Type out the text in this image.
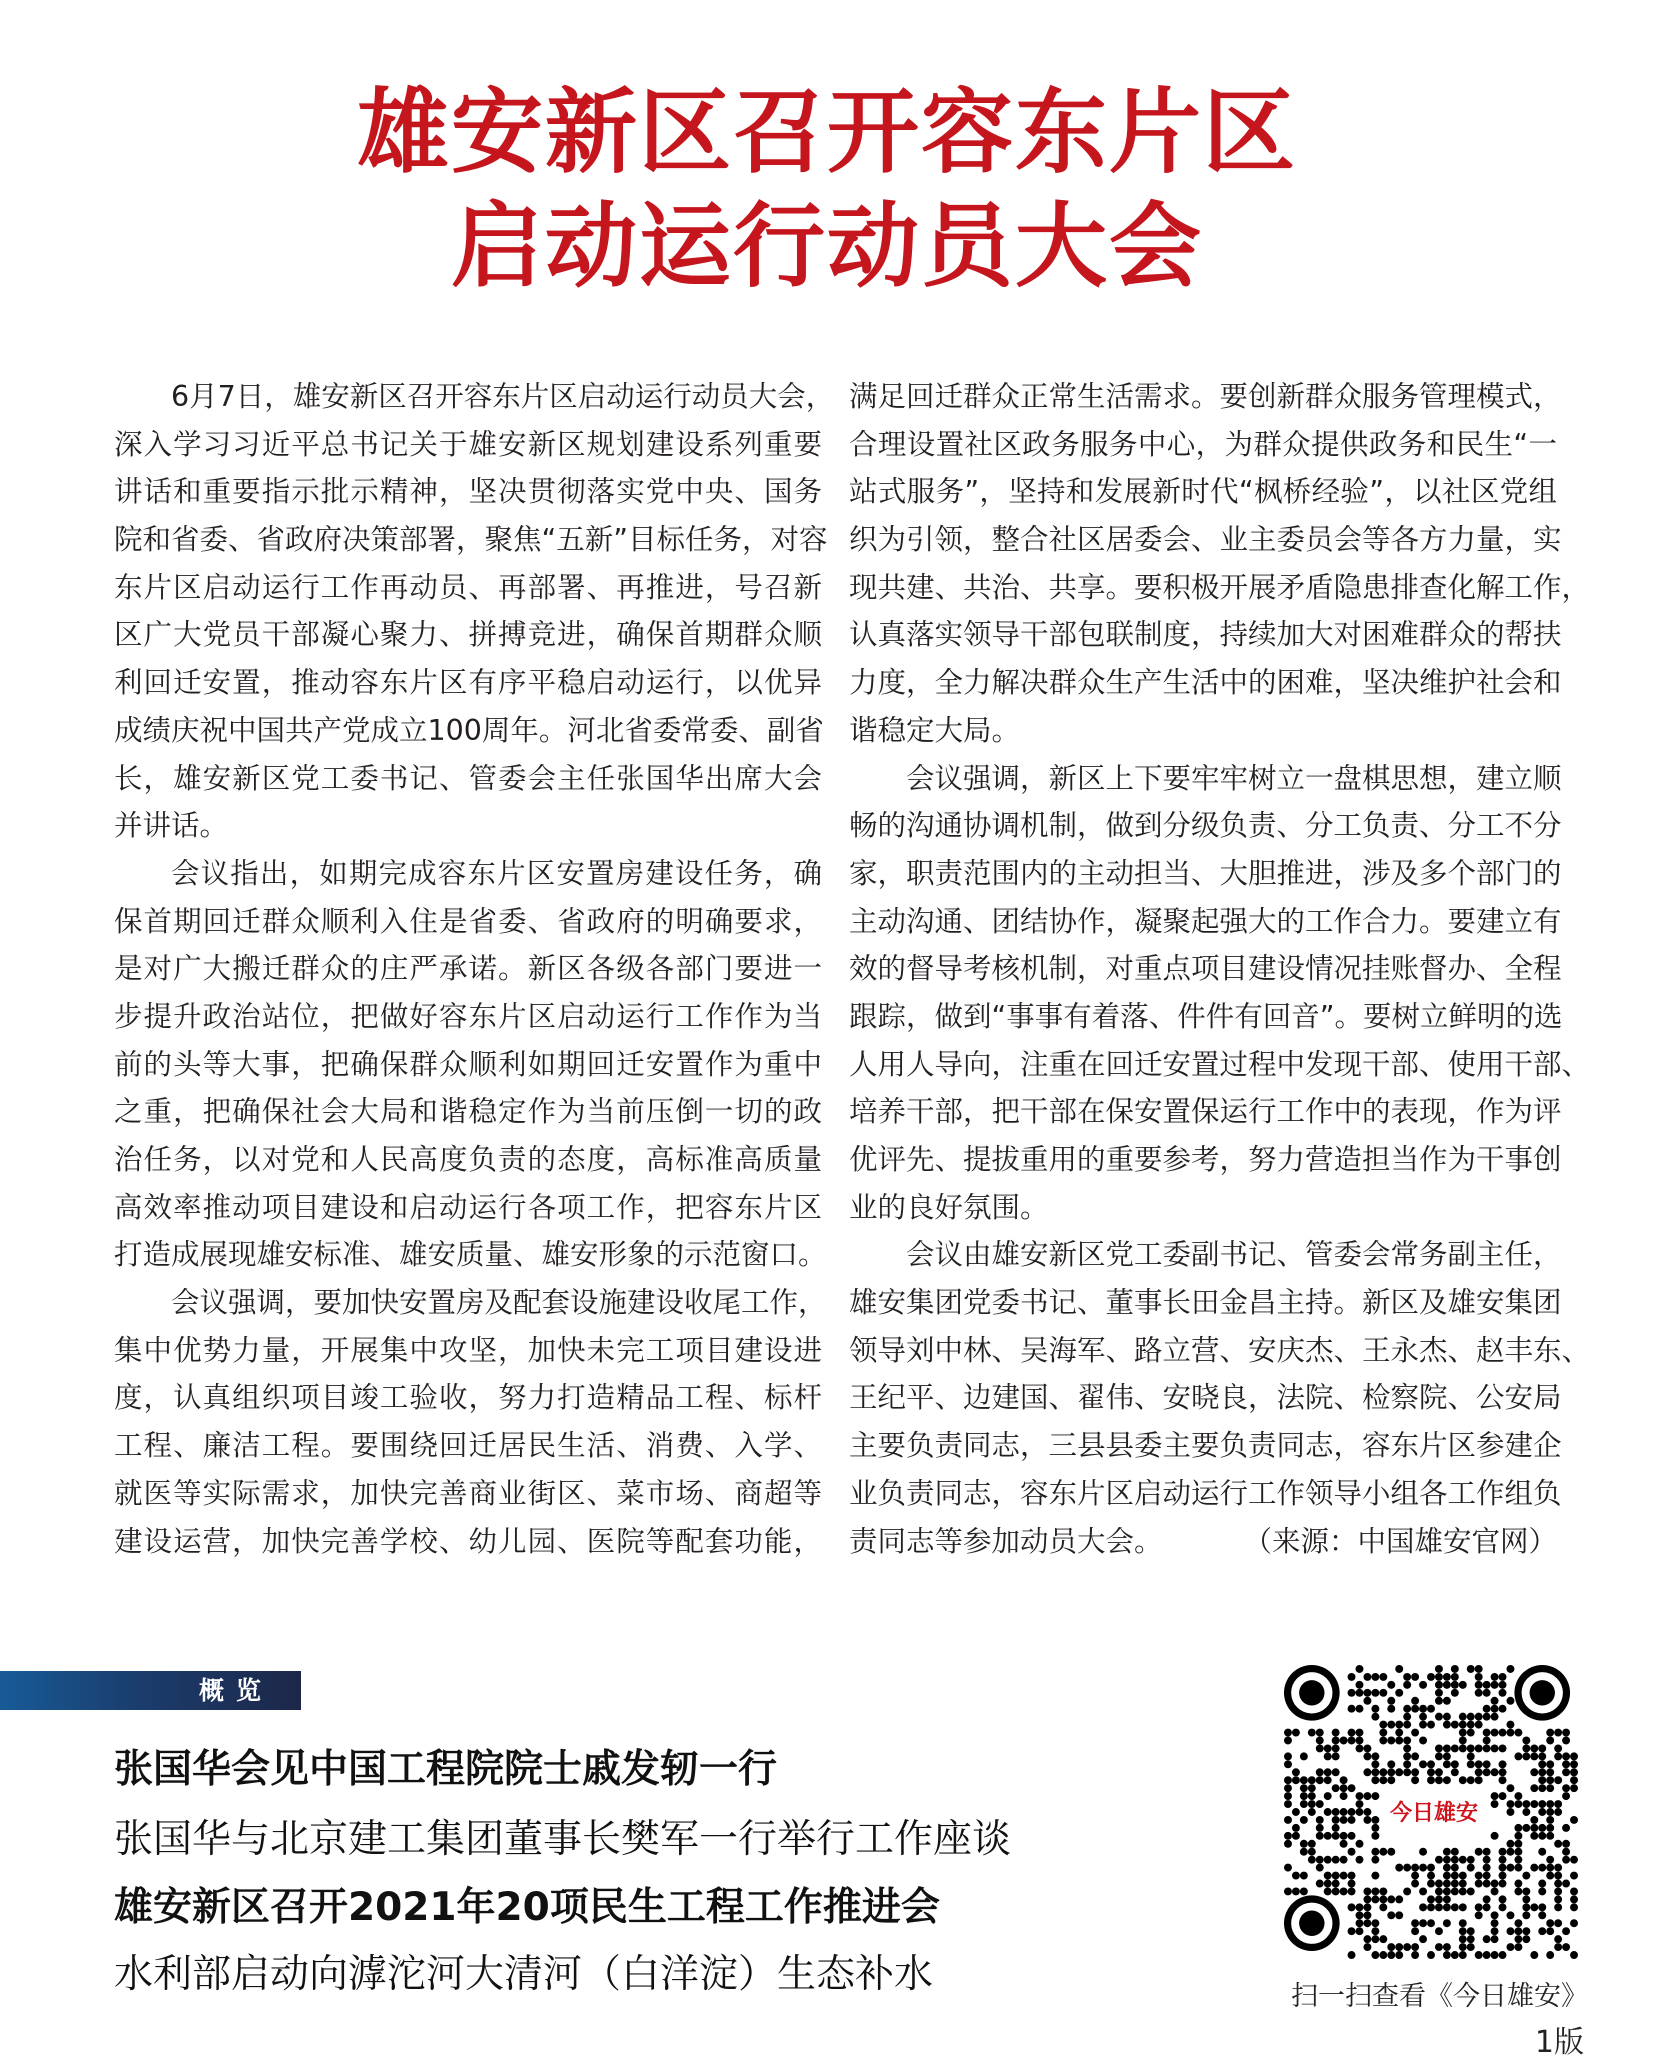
雄安新区召开容东片区
启动运行动员大会
6月7日，雄安新区召开容东片区启动运行动员大会，
深入学习习近平总书记关于雄安新区规划建设系列重要
讲话和重要指示批示精神，坚决贯彻落实党中央、国务
院和省委、省政府决策部署，聚焦“五新”目标任务，对容
东片区启动运行工作再动员、再部署、再推进，号召新
区广大党员干部凝心聚力、拼搏竞进，确保首期群众顺
利回迁安置，推动容东片区有序平稳启动运行，以优异
成绩庆祝中国共产党成立100周年。河北省委常委、副省
长，雄安新区党工委书记、管委会主任张国华出席大会
并讲话。
会议指出，如期完成容东片区安置房建设任务，确
保首期回迁群众顺利入住是省委、省政府的明确要求，
是对广大搬迁群众的庄严承诺。新区各级各部门要进一
步提升政治站位，把做好容东片区启动运行工作作为当
前的头等大事，把确保群众顺利如期回迁安置作为重中
之重，把确保社会大局和谐稳定作为当前压倒一切的政
治任务，以对党和人民高度负责的态度，高标准高质量
高效率推动项目建设和启动运行各项工作，把容东片区
打造成展现雄安标准、雄安质量、雄安形象的示范窗口。
会议强调，要加快安置房及配套设施建设收尾工作，
集中优势力量，开展集中攻坚，加快未完工项目建设进
度，认真组织项目竣工验收，努力打造精品工程、标杆
工程、廉洁工程。要围绕回迁居民生活、消费、入学、
就医等实际需求，加快完善商业街区、菜市场、商超等
建设运营，加快完善学校、幼儿园、医院等配套功能，
满足回迁群众正常生活需求。要创新群众服务管理模式，
合理设置社区政务服务中心，为群众提供政务和民生“一
站式服务”，坚持和发展新时代“枫桥经验”，以社区党组
织为引领，整合社区居委会、业主委员会等各方力量，实
现共建、共治、共享。要积极开展矛盾隐患排查化解工作，
认真落实领导干部包联制度，持续加大对困难群众的帮扶
力度，全力解决群众生产生活中的困难，坚决维护社会和
谐稳定大局。
会议强调，新区上下要牢牢树立一盘棋思想，建立顺
畅的沟通协调机制，做到分级负责、分工负责、分工不分
家，职责范围内的主动担当、大胆推进，涉及多个部门的
主动沟通、团结协作，凝聚起强大的工作合力。要建立有
效的督导考核机制，对重点项目建设情况挂账督办、全程
跟踪，做到“事事有着落、件件有回音”。要树立鲜明的选
人用人导向，注重在回迁安置过程中发现干部、使用干部、
培养干部，把干部在保安置保运行工作中的表现，作为评
优评先、提拔重用的重要参考，努力营造担当作为干事创
业的良好氛围。
会议由雄安新区党工委副书记、管委会常务副主任，
雄安集团党委书记、董事长田金昌主持。新区及雄安集团
领导刘中林、吴海军、路立营、安庆杰、王永杰、赵丰东、
王纪平、边建国、翟伟、安晓良，法院、检察院、公安局
主要负责同志，三县县委主要负责同志，容东片区参建企
业负责同志，容东片区启动运行工作领导小组各工作组负
责同志等参加动员大会。	（来源：中国雄安官网）
概览
张国华会见中国工程院院士戚发轫一行
张国华与北京建工集团董事长樊军一行举行工作座谈
雄安新区召开2021年20项民生工程工作推进会
水利部启动向滹沱河大清河（白洋淀）生态补水
今日雄安
扫一扫查看《今日雄安》
1版
